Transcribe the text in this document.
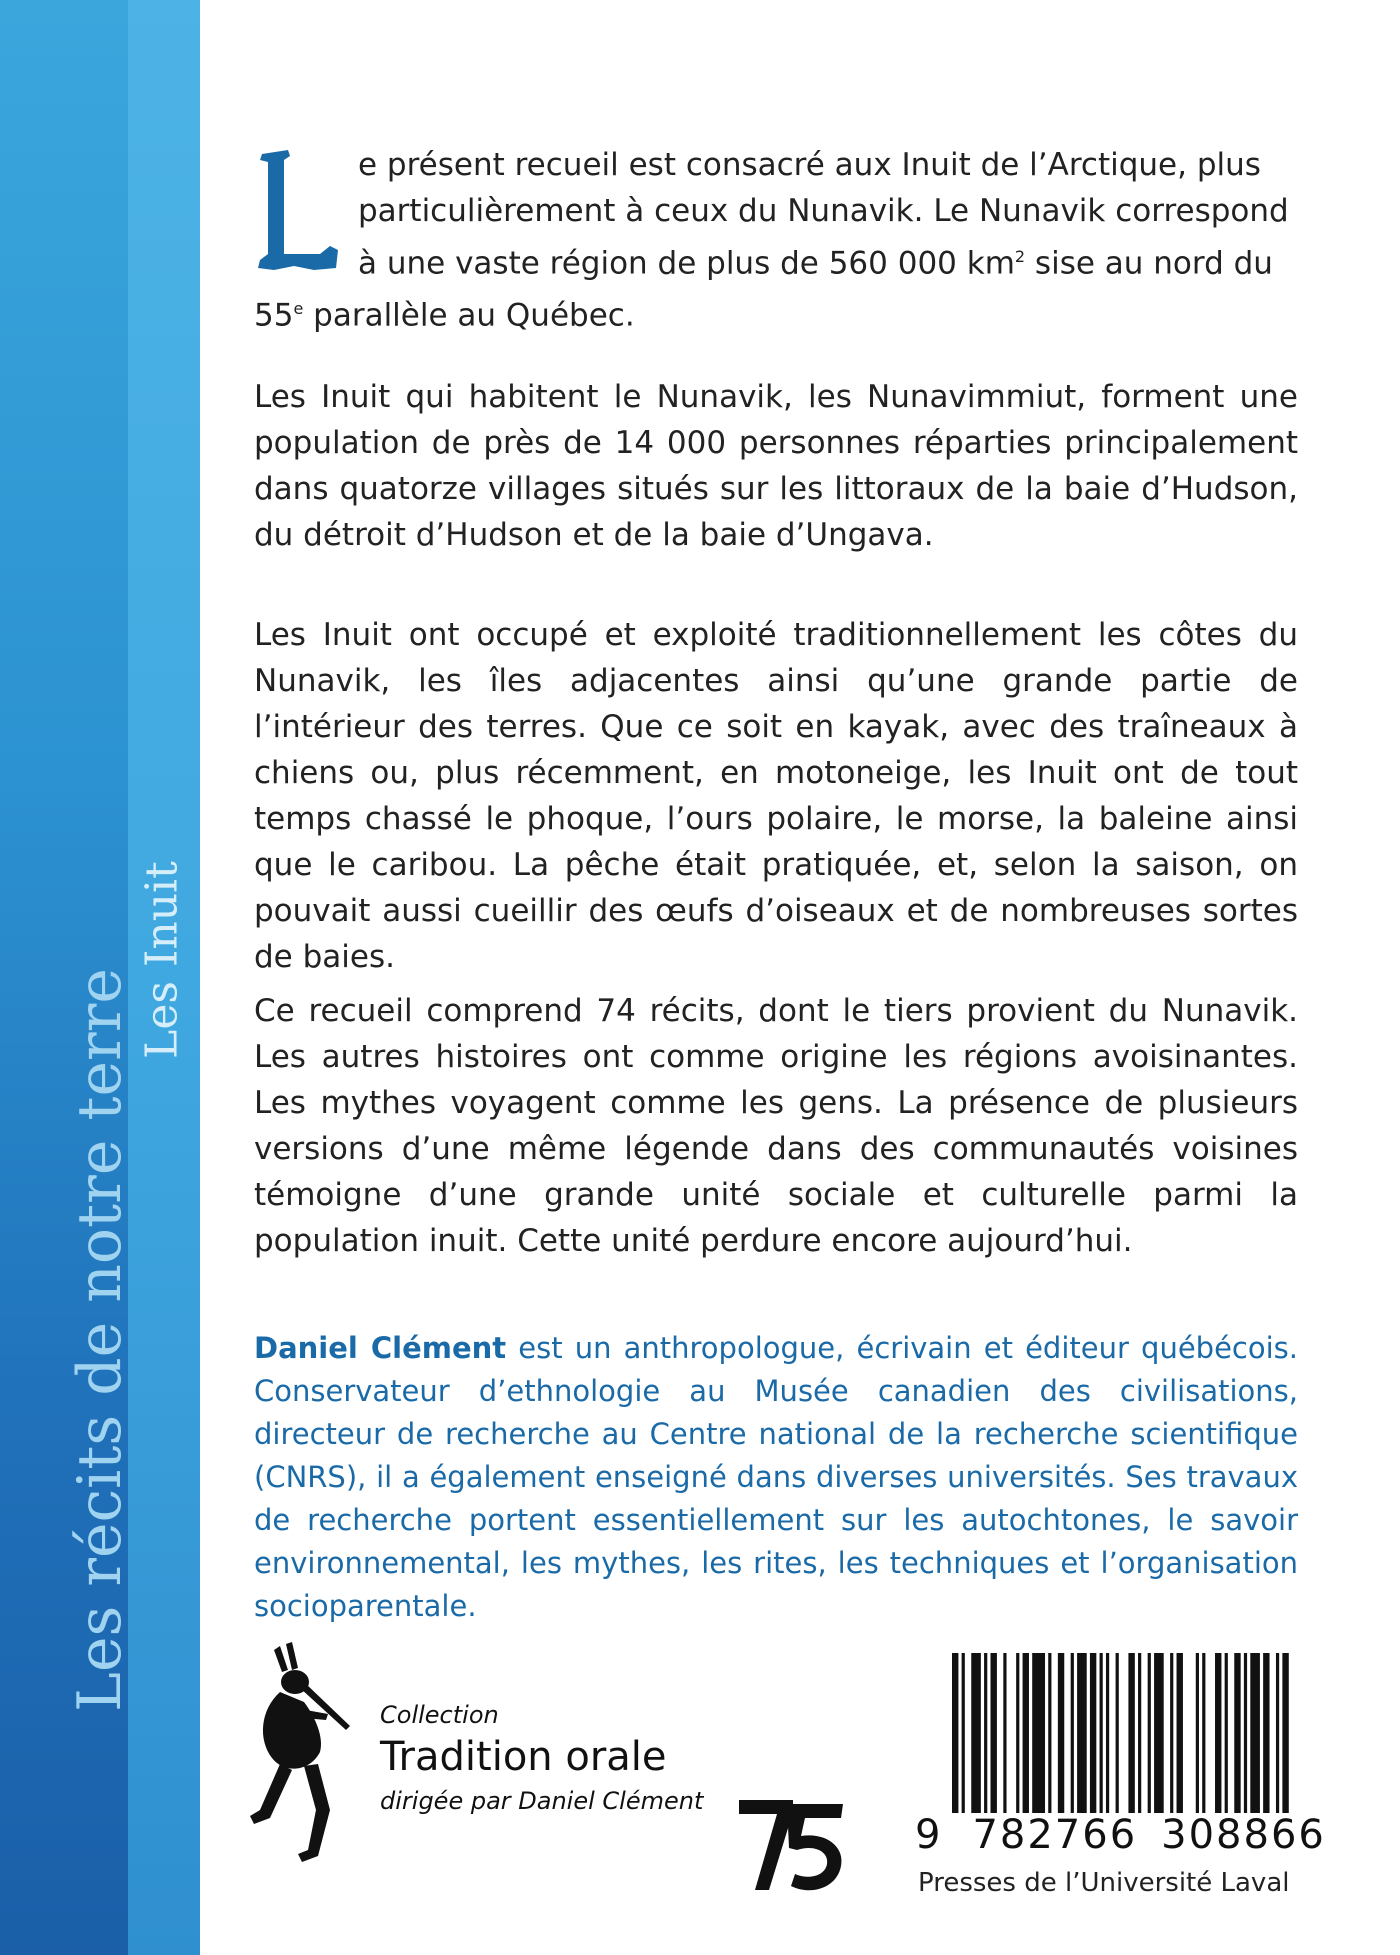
Les récits de notre terre
Les Inuit
e présent recueil est consacré aux Inuit de l’Arctique, plus
particulièrement à ceux du Nunavik. Le Nunavik correspond
à une vaste région de plus de 560 000 $km^2$ sise au nord du
55e parallèle au Québec.
Les Inuit qui habitent le Nunavik, les Nunavimmiut, forment une population de près de 14 000 personnes réparties principalement dans quatorze villages situés sur les littoraux de la baie d’Hudson, du détroit d’Hudson et de la baie d’Ungava.
Les Inuit ont occupé et exploité traditionnellement les côtes du Nunavik, les îles adjacentes ainsi qu’une grande partie de l’intérieur des terres. Que ce soit en kayak, avec des traîneaux à chiens ou, plus récemment, en motoneige, les Inuit ont de tout temps chassé le phoque, l’ours polaire, le morse, la baleine ainsi que le caribou. La pêche était pratiquée, et, selon la saison, on pouvait aussi cueillir des œufs d’oiseaux et de nombreuses sortes de baies.
Ce recueil comprend 74 récits, dont le tiers provient du Nunavik. Les autres histoires ont comme origine les régions avoisinantes. Les mythes voyagent comme les gens. La présence de plusieurs versions d’une même légende dans des communautés voisines témoigne d’une grande unité sociale et culturelle parmi la population inuit. Cette unité perdure encore aujourd’hui.
Daniel Clément est un anthropologue, écrivain et éditeur québécois. Conservateur d’ethnologie au Musée canadien des civilisations, directeur de recherche au Centre national de la recherche scientifique (CNRS), il a également enseigné dans diverses universités. Ses travaux de recherche portent essentiellement sur les autochtones, le savoir environnemental, les mythes, les rites, les techniques et l’organisation socioparentale.
Collection
Tradition orale
dirigée par Daniel Clément
75
9 782766 308866
Presses de l’Université Laval
